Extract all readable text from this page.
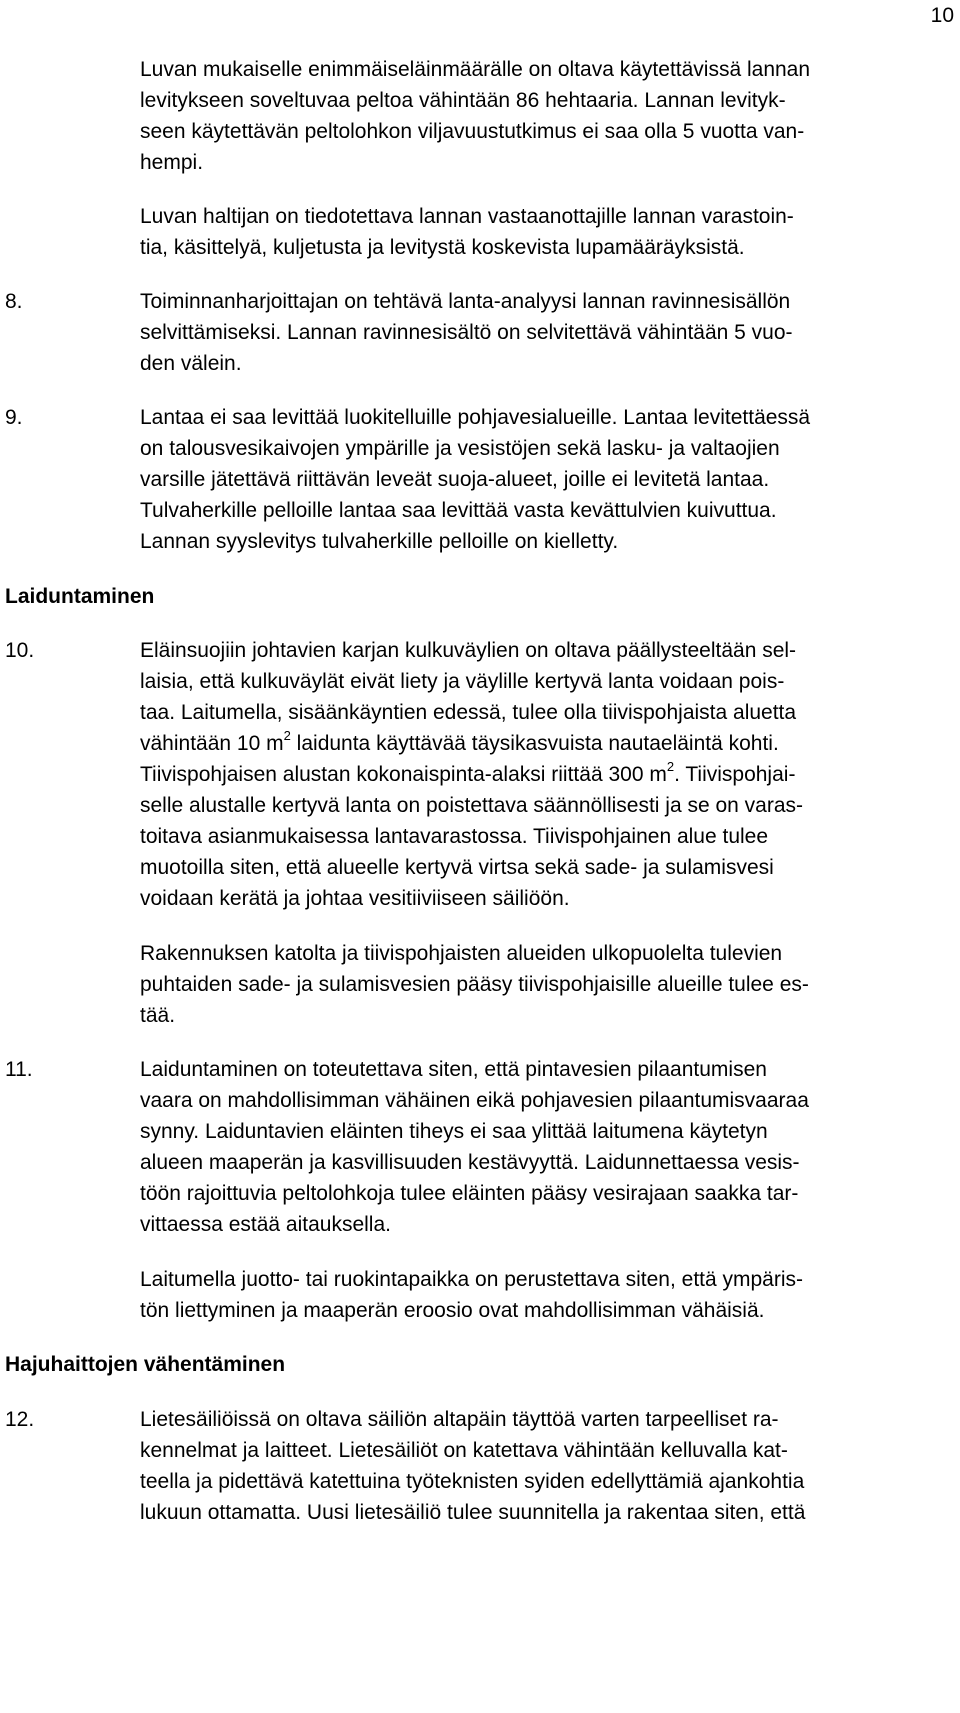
10
Luvan mukaiselle enimmäiseläinmäärälle on oltava käytettävissä lannan
levitykseen soveltuvaa peltoa vähintään 86 hehtaaria. Lannan levityk-
seen käytettävän peltolohkon viljavuustutkimus ei saa olla 5 vuotta van-
hempi.
Luvan haltijan on tiedotettava lannan vastaanottajille lannan varastoin-
tia, käsittelyä, kuljetusta ja levitystä koskevista lupamääräyksistä.
8.	Toiminnanharjoittajan on tehtävä lanta-analyysi lannan ravinnesisällön
selvittämiseksi. Lannan ravinnesisältö on selvitettävä vähintään 5 vuo-
den välein.
9.	Lantaa ei saa levittää luokitelluille pohjavesialueille. Lantaa levitettäessä
on talousvesikaivojen ympärille ja vesistöjen sekä lasku- ja valtaojien
varsille jätettävä riittävän leveät suoja-alueet, joille ei levitetä lantaa.
Tulvaherkille pelloille lantaa saa levittää vasta kevättulvien kuivuttua.
Lannan syyslevitys tulvaherkille pelloille on kielletty.
Laiduntaminen
10.	Eläinsuojiin johtavien karjan kulkuväylien on oltava päällysteeltään sel-
laisia, että kulkuväylät eivät liety ja väylille kertyvä lanta voidaan pois-
taa. Laitumella, sisäänkäyntien edessä, tulee olla tiivispohjaista aluetta
vähintään 10 $m^2$ laidunta käyttävää täysikasvuista nautaeläintä kohti.
Tiivispohjaisen alustan kokonaispinta-alaksi riittää 300 $m^2$. Tiivispohjai-
selle alustalle kertyvä lanta on poistettava säännöllisesti ja se on varas-
toitava asianmukaisessa lantavarastossa. Tiivispohjainen alue tulee
muotoilla siten, että alueelle kertyvä virtsa sekä sade- ja sulamisvesi
voidaan kerätä ja johtaa vesitiiviiseen säiliöön.
Rakennuksen katolta ja tiivispohjaisten alueiden ulkopuolelta tulevien
puhtaiden sade- ja sulamisvesien pääsy tiivispohjaisille alueille tulee es-
tää.
11.	Laiduntaminen on toteutettava siten, että pintavesien pilaantumisen
vaara on mahdollisimman vähäinen eikä pohjavesien pilaantumisvaaraa
synny. Laiduntavien eläinten tiheys ei saa ylittää laitumena käytetyn
alueen maaperän ja kasvillisuuden kestävyyttä. Laidunnettaessa vesis-
töön rajoittuvia peltolohkoja tulee eläinten pääsy vesirajaan saakka tar-
vittaessa estää aitauksella.
Laitumella juotto- tai ruokintapaikka on perustettava siten, että ympäris-
tön liettyminen ja maaperän eroosio ovat mahdollisimman vähäisiä.
Hajuhaittojen vähentäminen
12.	Lietesäiliöissä on oltava säiliön altapäin täyttöä varten tarpeelliset ra-
kennelmat ja laitteet. Lietesäiliöt on katettava vähintään kelluvalla kat-
teella ja pidettävä katettuina työteknisten syiden edellyttämiä ajankohtia
lukuun ottamatta. Uusi lietesäiliö tulee suunnitella ja rakentaa siten, että
